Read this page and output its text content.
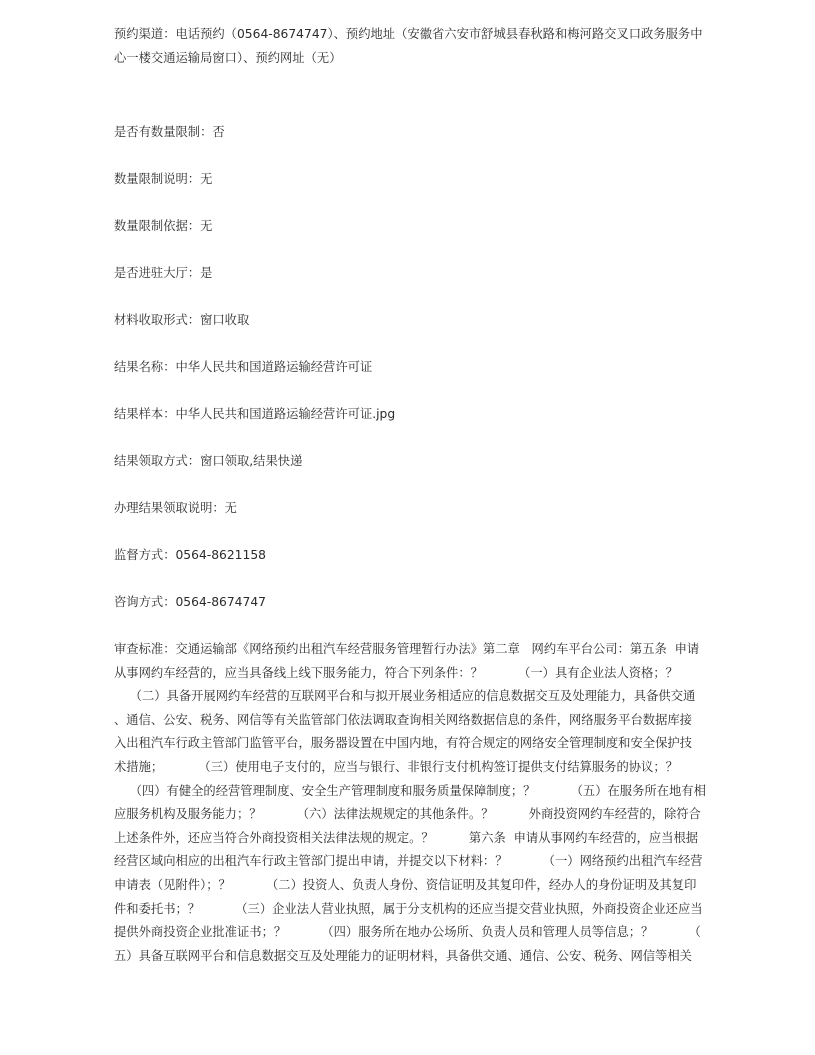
预约渠道：电话预约（0564-8674747）、预约地址（安徽省六安市舒城县春秋路和梅河路交叉口政务服务中
心一楼交通运输局窗口）、预约网址（无）
是否有数量限制：否
数量限制说明：无
数量限制依据：无
是否进驻大厅：是
材料收取形式：窗口收取
结果名称：中华人民共和国道路运输经营许可证
结果样本：中华人民共和国道路运输经营许可证.jpg
结果领取方式：窗口领取,结果快递
办理结果领取说明：无
监督方式：0564-8621158
咨询方式：0564-8674747
审查标准：交通运输部《网络预约出租汽车经营服务管理暂行办法》第二章   网约车平台公司：第五条  申请
从事网约车经营的，应当具备线上线下服务能力，符合下列条件：？         （一）具有企业法人资格；？
（二）具备开展网约车经营的互联网平台和与拟开展业务相适应的信息数据交互及处理能力，具备供交通
、通信、公安、税务、网信等有关监管部门依法调取查询相关网络数据信息的条件，网络服务平台数据库接
入出租汽车行政主管部门监管平台，服务器设置在中国内地，有符合规定的网络安全管理制度和安全保护技
术措施；         （三）使用电子支付的，应当与银行、非银行支付机构签订提供支付结算服务的协议；？
（四）有健全的经营管理制度、安全生产管理制度和服务质量保障制度；？         （五）在服务所在地有相
应服务机构及服务能力；？         （六）法律法规规定的其他条件。？         外商投资网约车经营的，除符合
上述条件外，还应当符合外商投资相关法律法规的规定。？         第六条  申请从事网约车经营的，应当根据
经营区域向相应的出租汽车行政主管部门提出申请，并提交以下材料：？         （一）网络预约出租汽车经营
申请表（见附件）；？         （二）投资人、负责人身份、资信证明及其复印件，经办人的身份证明及其复印
件和委托书；？         （三）企业法人营业执照，属于分支机构的还应当提交营业执照，外商投资企业还应当
提供外商投资企业批准证书；？         （四）服务所在地办公场所、负责人员和管理人员等信息；？         （
五）具备互联网平台和信息数据交互及处理能力的证明材料，具备供交通、通信、公安、税务、网信等相关
